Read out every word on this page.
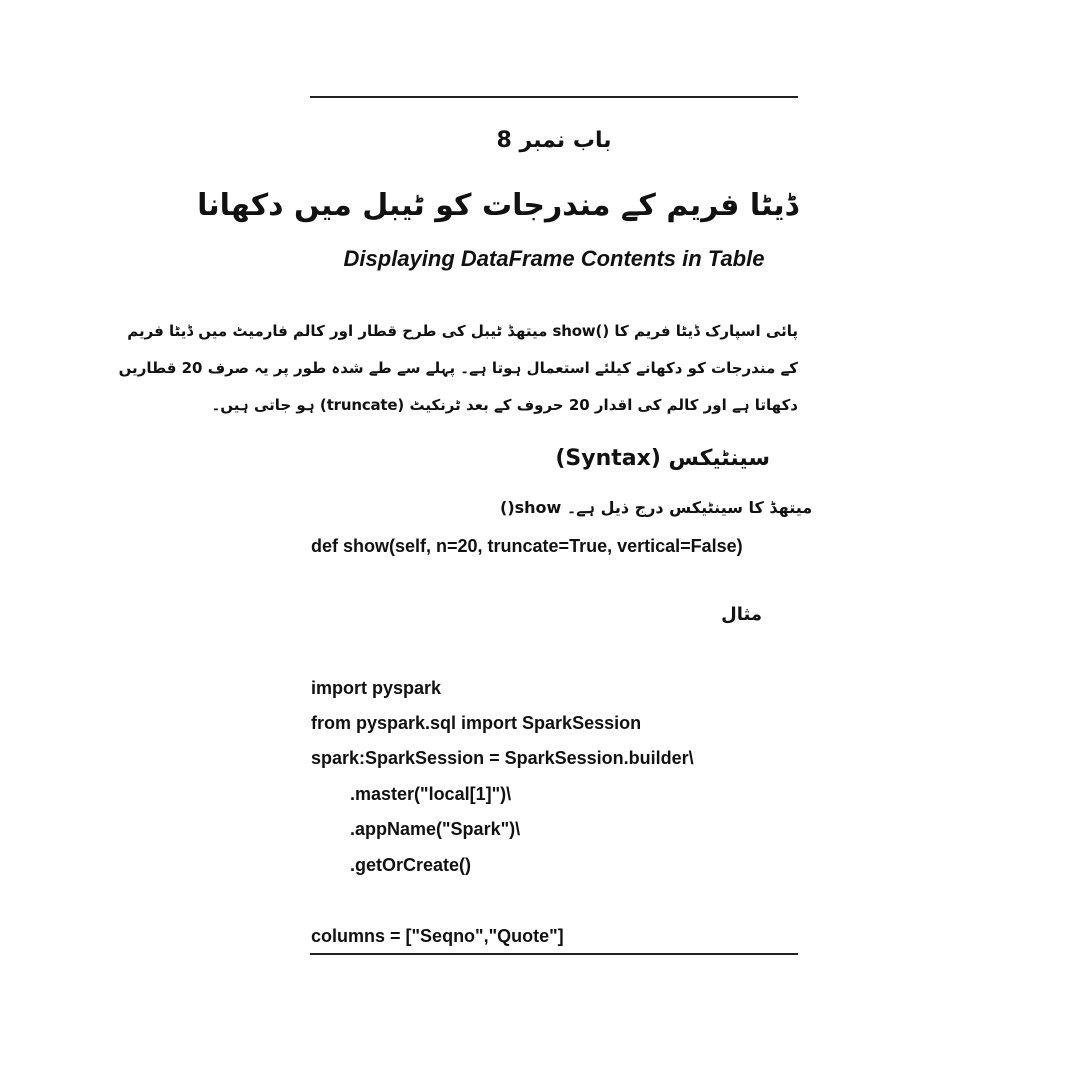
باب نمبر 8
ڈیٹا فریم کے مندرجات کو ٹیبل میں دکھانا
Displaying DataFrame Contents in Table
پائی اسپارک ڈیٹا فریم کا ()show میتھڈ ٹیبل کی طرح قطار اور کالم فارمیٹ میں ڈیٹا فریم
کے مندرجات کو دکھانے کیلئے استعمال ہوتا ہے۔ پہلے سے طے شدہ طور پر یہ صرف 20 قطاریں
دکھاتا ہے اور کالم کی اقدار 20 حروف کے بعد ٹرنکیٹ (truncate) ہو جاتی ہیں۔
سینٹیکس (Syntax)
()show میتھڈ کا سینٹیکس درج ذیل ہے۔
def show(self, n=20, truncate=True, vertical=False)
مثال
import pyspark
from pyspark.sql import SparkSession
spark:SparkSession = SparkSession.builder\
.master("local[1]")\
.appName("Spark")\
.getOrCreate()
columns = ["Seqno","Quote"]
